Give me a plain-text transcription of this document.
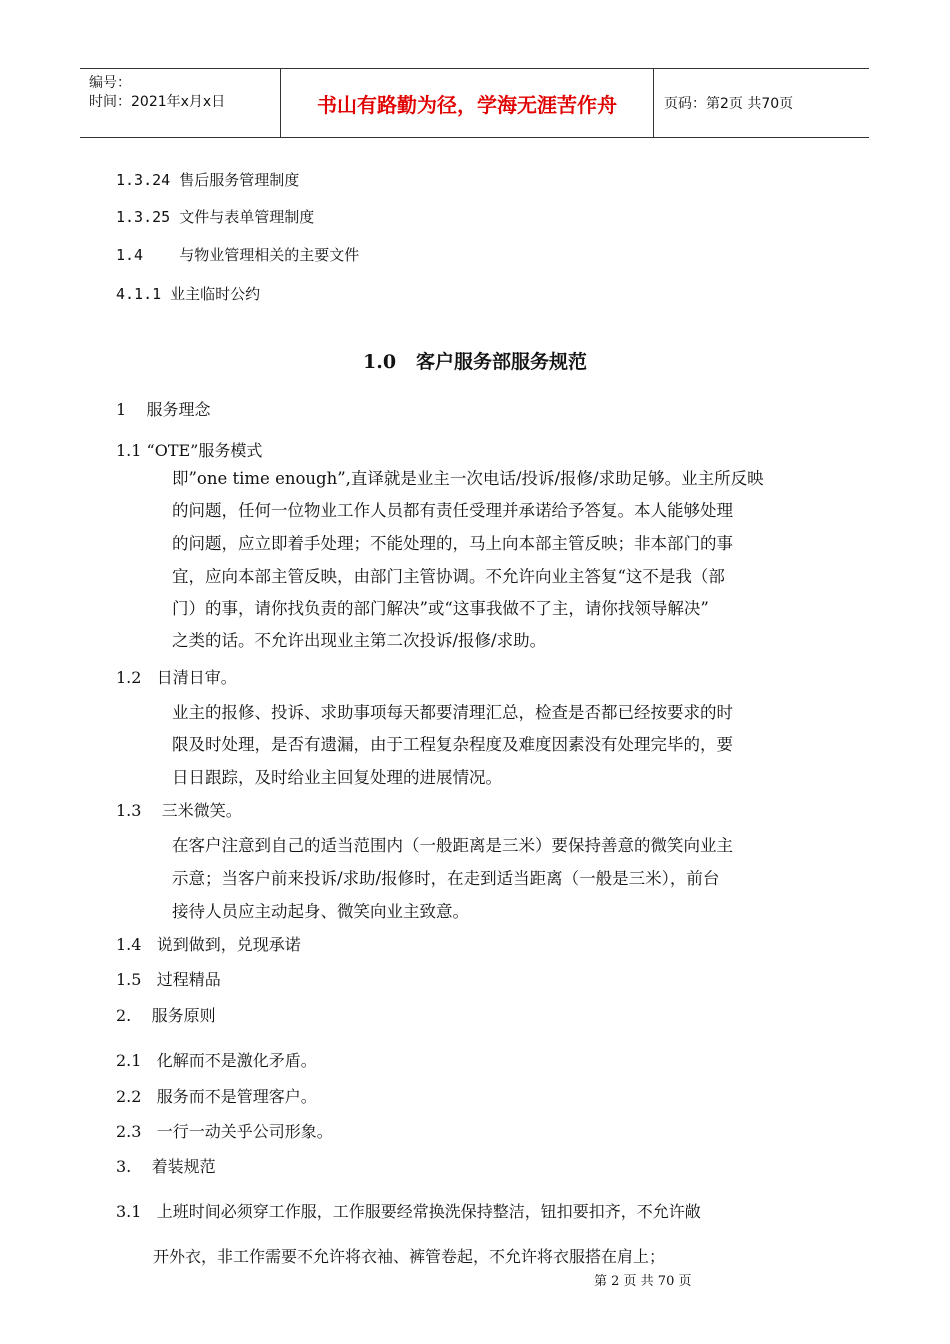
编号：
时间：2021年x月x日	书山有路勤为径，学海无涯苦作舟	页码：第2页 共70页
1.3.24 售后服务管理制度
1.3.25 文件与表单管理制度
1.4    与物业管理相关的主要文件
4.1.1 业主临时公约
1.0   客户服务部服务规范
1    服务理念
1.1 “OTE”服务模式
即”one time enough”,直译就是业主一次电话/投诉/报修/求助足够。业主所反映
的问题，任何一位物业工作人员都有责任受理并承诺给予答复。本人能够处理
的问题，应立即着手处理；不能处理的，马上向本部主管反映；非本部门的事
宜，应向本部主管反映，由部门主管协调。不允许向业主答复“这不是我（部
门）的事，请你找负责的部门解决”或“这事我做不了主，请你找领导解决”
之类的话。不允许出现业主第二次投诉/报修/求助。
1.2   日清日审。
业主的报修、投诉、求助事项每天都要清理汇总，检查是否都已经按要求的时
限及时处理，是否有遗漏，由于工程复杂程度及难度因素没有处理完毕的，要
日日跟踪，及时给业主回复处理的进展情况。
1.3    三米微笑。
在客户注意到自己的适当范围内（一般距离是三米）要保持善意的微笑向业主
示意；当客户前来投诉/求助/报修时，在走到适当距离（一般是三米），前台
接待人员应主动起身、微笑向业主致意。
1.4   说到做到，兑现承诺
1.5   过程精品
2.    服务原则
2.1   化解而不是激化矛盾。
2.2   服务而不是管理客户。
2.3   一行一动关乎公司形象。
3.    着装规范
3.1   上班时间必须穿工作服，工作服要经常换洗保持整洁，钮扣要扣齐，不允许敞
开外衣，非工作需要不允许将衣袖、裤管卷起，不允许将衣服搭在肩上；
第 2 页 共 70 页
